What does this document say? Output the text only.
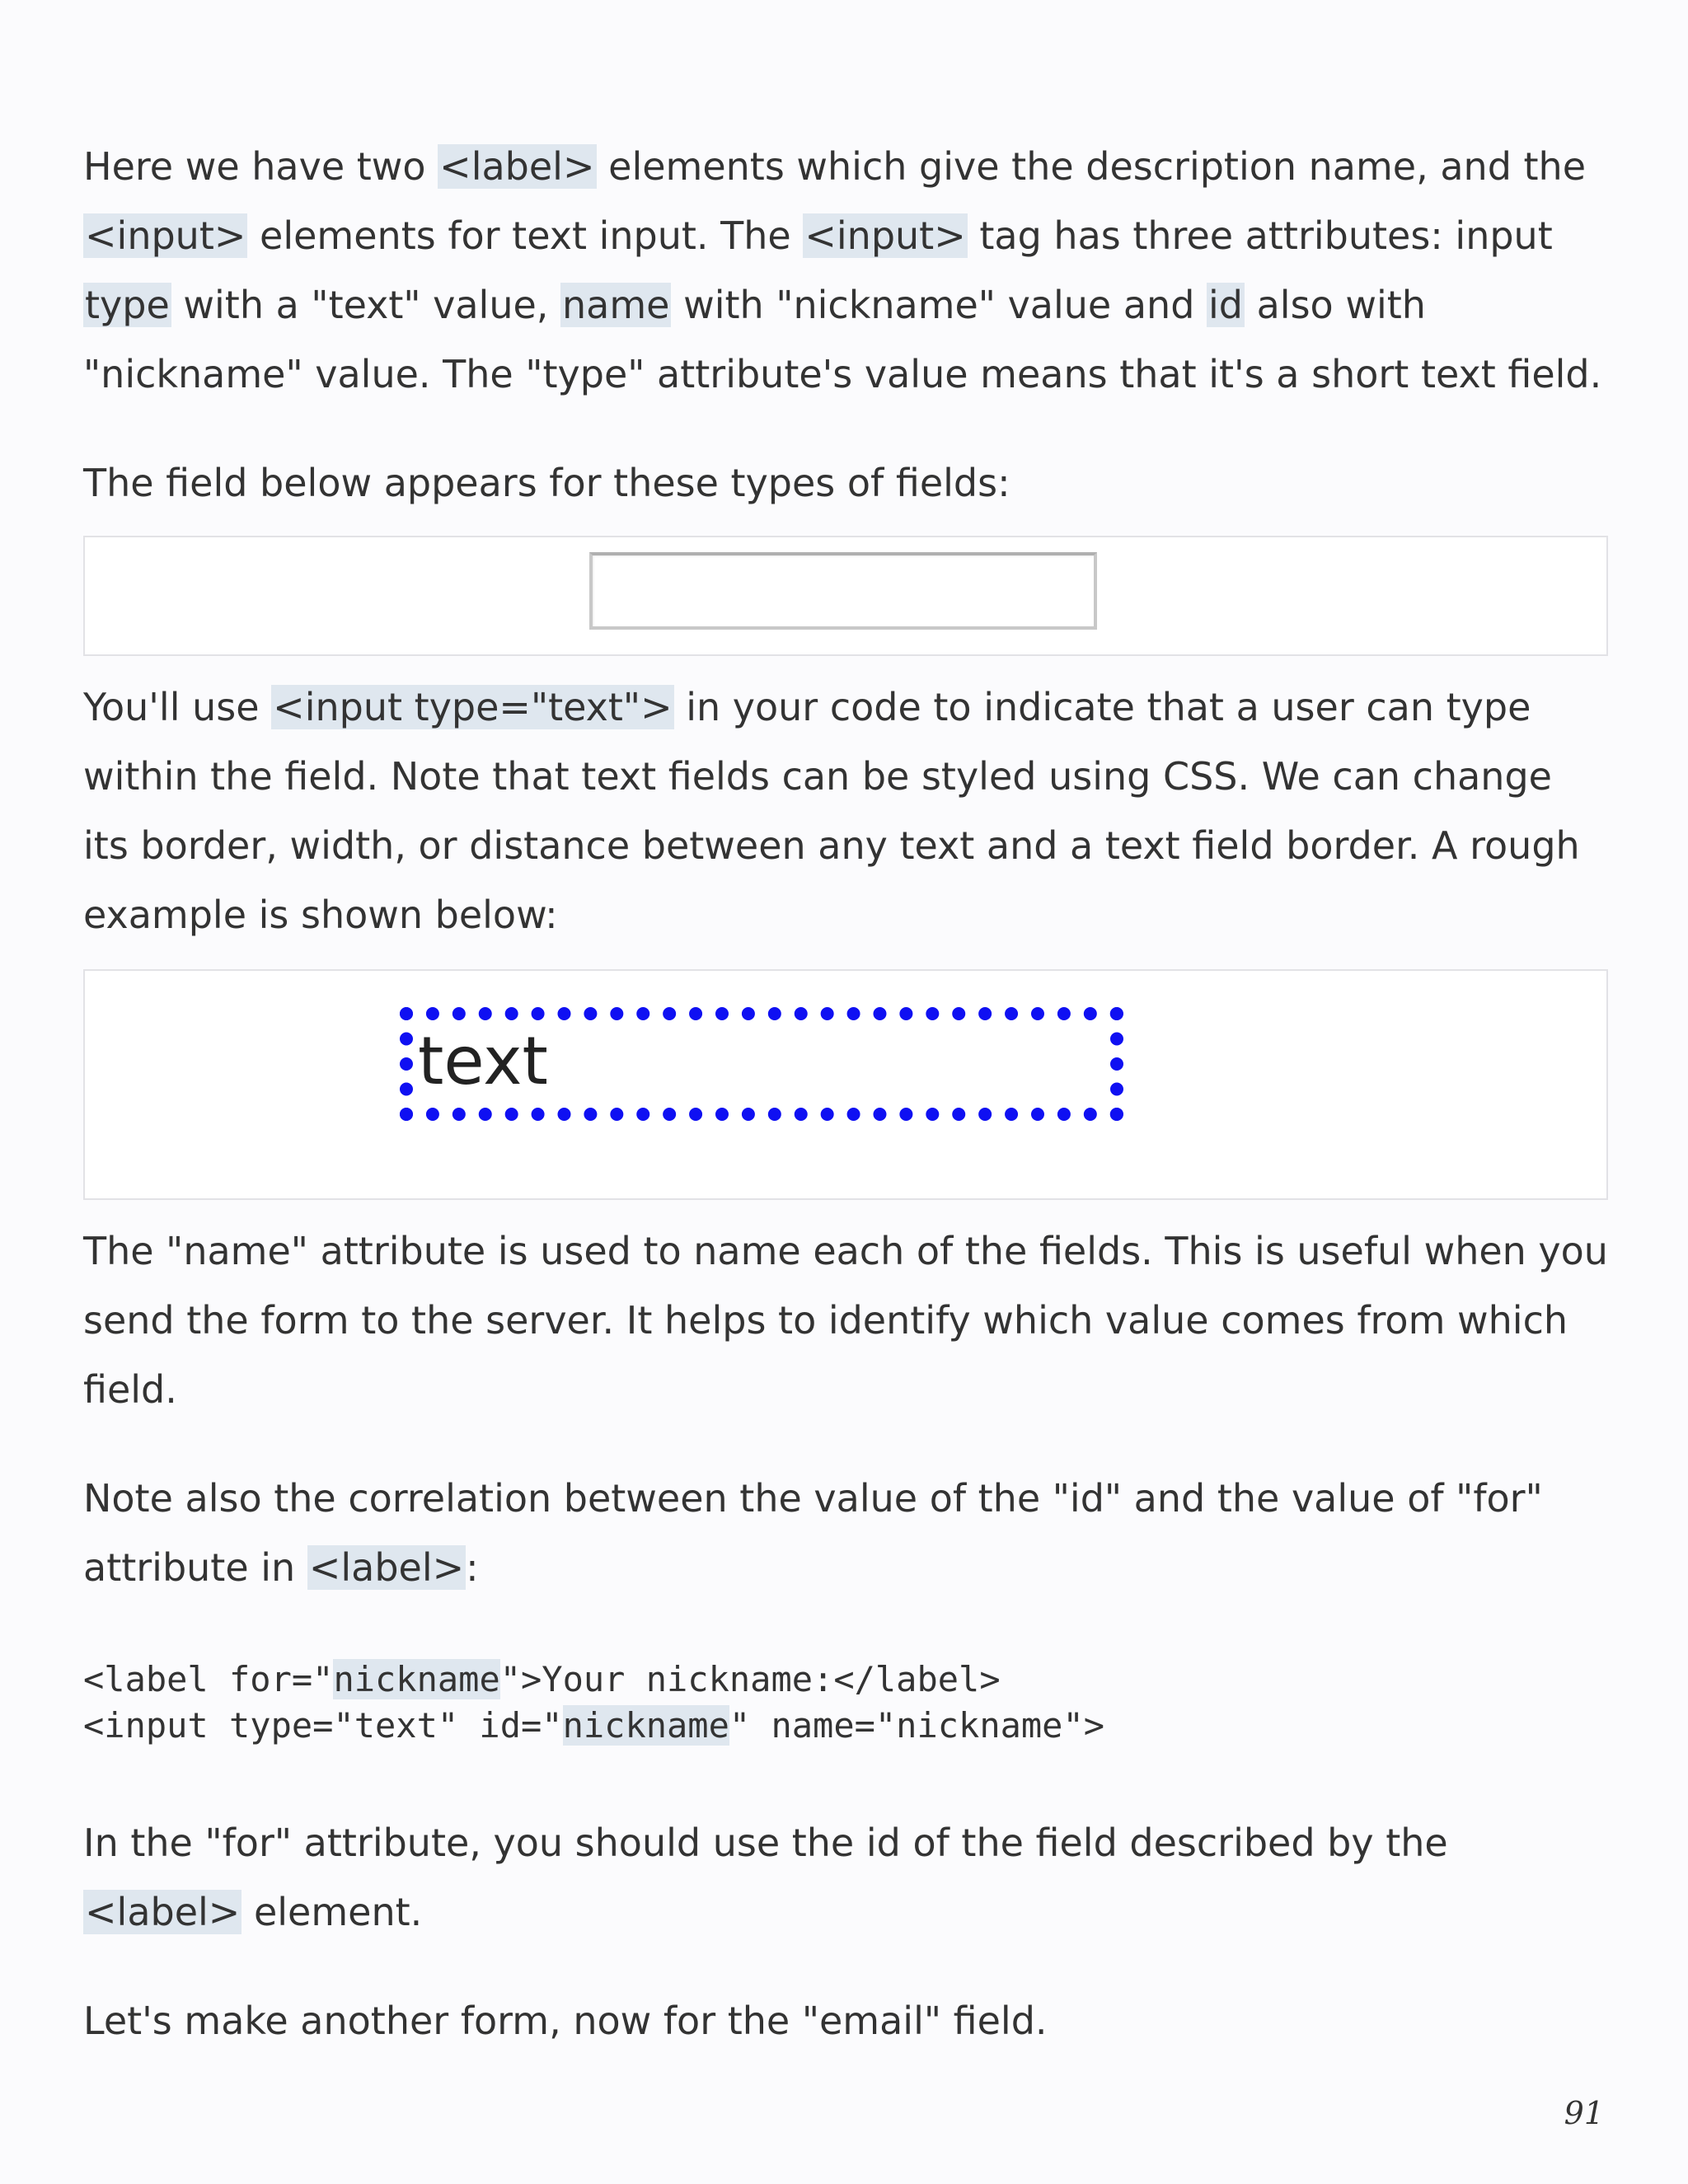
Here we have two <label> elements which give the description name, and the <input> elements for text input. The <input> tag has three attributes: input type with a "text" value, name with "nickname" value and id also with "nickname" value. The "type" attribute's value means that it's a short text field.

The field below appears for these types of fields:

You'll use <input type="text"> in your code to indicate that a user can type within the field. Note that text fields can be styled using CSS. We can change its border, width, or distance between any text and a text field border. A rough example is shown below:

text

The "name" attribute is used to name each of the fields. This is useful when you send the form to the server. It helps to identify which value comes from which field.

Note also the correlation between the value of the "id" and the value of "for" attribute in <label>:

<label for="nickname">Your nickname:</label>
<input type="text" id="nickname" name="nickname">

In the "for" attribute, you should use the id of the field described by the <label> element.

Let's make another form, now for the "email" field.

91
